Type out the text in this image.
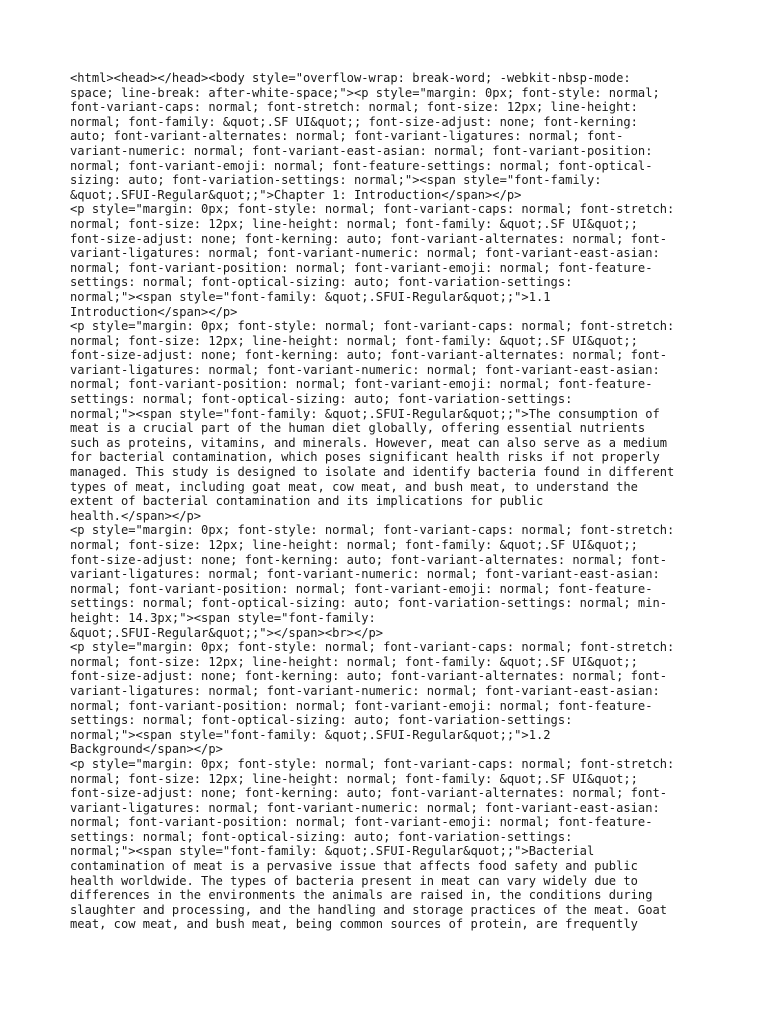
<html><head></head><body style="overflow-wrap: break-word; -webkit-nbsp-mode:
space; line-break: after-white-space;"><p style="margin: 0px; font-style: normal;
font-variant-caps: normal; font-stretch: normal; font-size: 12px; line-height:
normal; font-family: &quot;.SF UI&quot;; font-size-adjust: none; font-kerning:
auto; font-variant-alternates: normal; font-variant-ligatures: normal; font-
variant-numeric: normal; font-variant-east-asian: normal; font-variant-position:
normal; font-variant-emoji: normal; font-feature-settings: normal; font-optical-
sizing: auto; font-variation-settings: normal;"><span style="font-family:
&quot;.SFUI-Regular&quot;;">Chapter 1: Introduction</span></p>
<p style="margin: 0px; font-style: normal; font-variant-caps: normal; font-stretch:
normal; font-size: 12px; line-height: normal; font-family: &quot;.SF UI&quot;;
font-size-adjust: none; font-kerning: auto; font-variant-alternates: normal; font-
variant-ligatures: normal; font-variant-numeric: normal; font-variant-east-asian:
normal; font-variant-position: normal; font-variant-emoji: normal; font-feature-
settings: normal; font-optical-sizing: auto; font-variation-settings:
normal;"><span style="font-family: &quot;.SFUI-Regular&quot;;">1.1
Introduction</span></p>
<p style="margin: 0px; font-style: normal; font-variant-caps: normal; font-stretch:
normal; font-size: 12px; line-height: normal; font-family: &quot;.SF UI&quot;;
font-size-adjust: none; font-kerning: auto; font-variant-alternates: normal; font-
variant-ligatures: normal; font-variant-numeric: normal; font-variant-east-asian:
normal; font-variant-position: normal; font-variant-emoji: normal; font-feature-
settings: normal; font-optical-sizing: auto; font-variation-settings:
normal;"><span style="font-family: &quot;.SFUI-Regular&quot;;">The consumption of
meat is a crucial part of the human diet globally, offering essential nutrients
such as proteins, vitamins, and minerals. However, meat can also serve as a medium
for bacterial contamination, which poses significant health risks if not properly
managed. This study is designed to isolate and identify bacteria found in different
types of meat, including goat meat, cow meat, and bush meat, to understand the
extent of bacterial contamination and its implications for public
health.</span></p>
<p style="margin: 0px; font-style: normal; font-variant-caps: normal; font-stretch:
normal; font-size: 12px; line-height: normal; font-family: &quot;.SF UI&quot;;
font-size-adjust: none; font-kerning: auto; font-variant-alternates: normal; font-
variant-ligatures: normal; font-variant-numeric: normal; font-variant-east-asian:
normal; font-variant-position: normal; font-variant-emoji: normal; font-feature-
settings: normal; font-optical-sizing: auto; font-variation-settings: normal; min-
height: 14.3px;"><span style="font-family:
&quot;.SFUI-Regular&quot;;"></span><br></p>
<p style="margin: 0px; font-style: normal; font-variant-caps: normal; font-stretch:
normal; font-size: 12px; line-height: normal; font-family: &quot;.SF UI&quot;;
font-size-adjust: none; font-kerning: auto; font-variant-alternates: normal; font-
variant-ligatures: normal; font-variant-numeric: normal; font-variant-east-asian:
normal; font-variant-position: normal; font-variant-emoji: normal; font-feature-
settings: normal; font-optical-sizing: auto; font-variation-settings:
normal;"><span style="font-family: &quot;.SFUI-Regular&quot;;">1.2
Background</span></p>
<p style="margin: 0px; font-style: normal; font-variant-caps: normal; font-stretch:
normal; font-size: 12px; line-height: normal; font-family: &quot;.SF UI&quot;;
font-size-adjust: none; font-kerning: auto; font-variant-alternates: normal; font-
variant-ligatures: normal; font-variant-numeric: normal; font-variant-east-asian:
normal; font-variant-position: normal; font-variant-emoji: normal; font-feature-
settings: normal; font-optical-sizing: auto; font-variation-settings:
normal;"><span style="font-family: &quot;.SFUI-Regular&quot;;">Bacterial
contamination of meat is a pervasive issue that affects food safety and public
health worldwide. The types of bacteria present in meat can vary widely due to
differences in the environments the animals are raised in, the conditions during
slaughter and processing, and the handling and storage practices of the meat. Goat
meat, cow meat, and bush meat, being common sources of protein, are frequently
